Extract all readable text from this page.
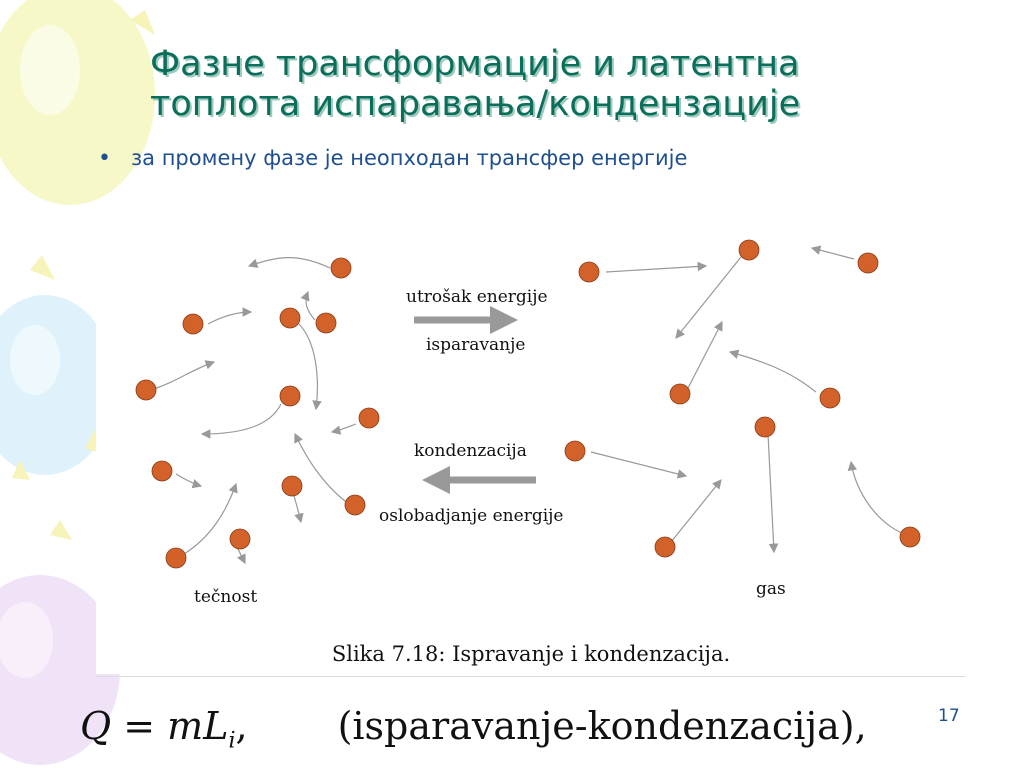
Фазне трансформације и латентна
топлота испаравања/кондензације
• за промену фазе је неопходан трансфер енергије
utrošak energije
isparavanje
kondenzacija
oslobadjanje energije
tečnost	gas
Slika 7.18: Ispravanje i kondenzacija.
$Q = mL_i$, (isparavanje-kondenzacija),	17
